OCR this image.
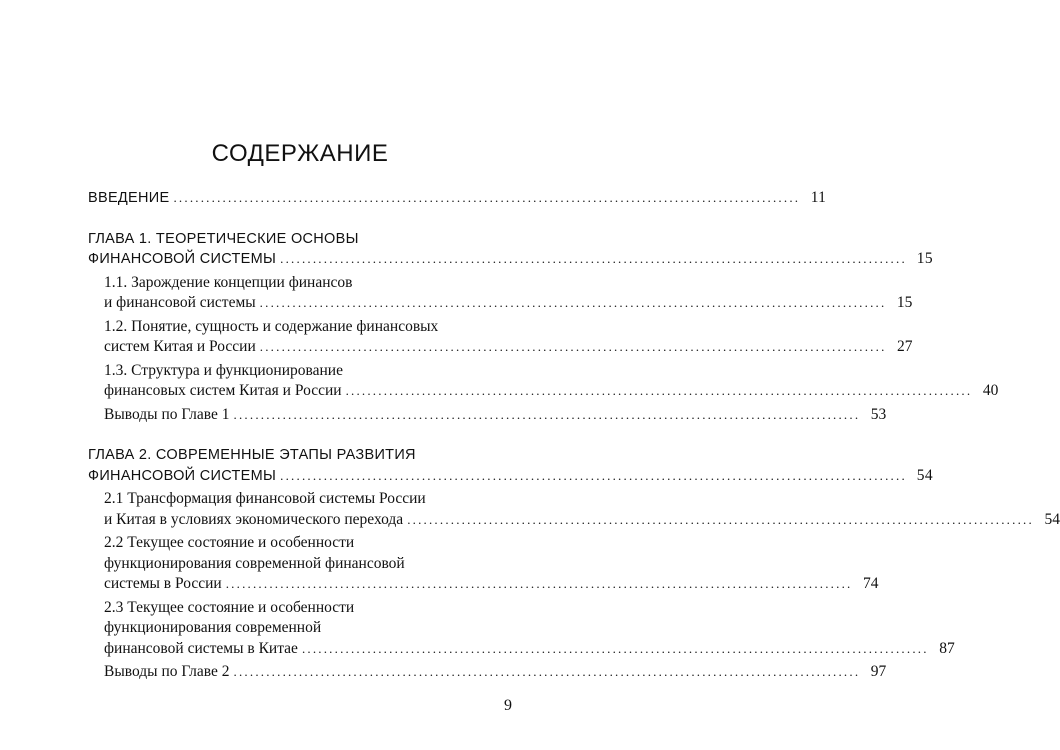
СОДЕРЖАНИЕ
ВВЕДЕНИЕ ................................................................................................................... 11
ГЛАВА 1. ТЕОРЕТИЧЕСКИЕ ОСНОВЫ
ФИНАНСОВОЙ СИСТЕМЫ ................................................................................................................... 15
1.1. Зарождение концепции финансов
и финансовой системы ................................................................................................................... 15
1.2. Понятие, сущность и содержание финансовых
систем Китая и России ................................................................................................................... 27
1.3. Структура и функционирование
финансовых систем Китая и России ................................................................................................................... 40
Выводы по Главе 1 ................................................................................................................... 53
ГЛАВА 2. СОВРЕМЕННЫЕ ЭТАПЫ РАЗВИТИЯ
ФИНАНСОВОЙ СИСТЕМЫ ................................................................................................................... 54
2.1 Трансформация финансовой системы России
и Китая в условиях экономического перехода ................................................................................................................... 54
2.2 Текущее состояние и особенности
функционирования современной финансовой
системы в России ................................................................................................................... 74
2.3 Текущее состояние и особенности
функционирования современной
финансовой системы в Китае ................................................................................................................... 87
Выводы по Главе 2 ................................................................................................................... 97
9
